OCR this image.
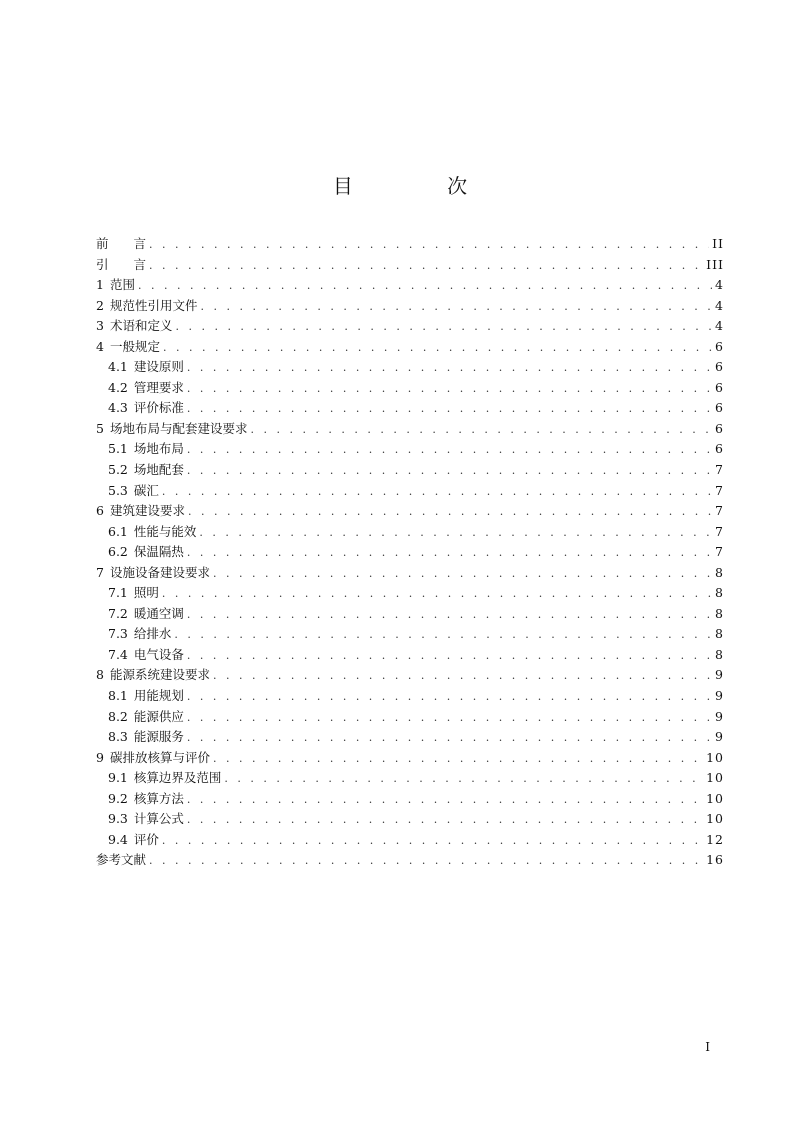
目 次
前　　言 . . .	II
引　　言 . . .	III
1 范围 . . .	4
2 规范性引用文件 . . .	4
3 术语和定义 . . .	4
4 一般规定 . . .	6
4.1 建设原则 . . .	6
4.2 管理要求 . . .	6
4.3 评价标准 . . .	6
5 场地布局与配套建设要求 . . .	6
5.1 场地布局 . . .	6
5.2 场地配套 . . .	7
5.3 碳汇 . . .	7
6 建筑建设要求 . . .	7
6.1 性能与能效 . . .	7
6.2 保温隔热 . . .	7
7 设施设备建设要求 . . .	8
7.1 照明 . . .	8
7.2 暖通空调 . . .	8
7.3 给排水 . . .	8
7.4 电气设备 . . .	8
8 能源系统建设要求 . . .	9
8.1 用能规划 . . .	9
8.2 能源供应 . . .	9
8.3 能源服务 . . .	9
9 碳排放核算与评价 . . .	10
9.1 核算边界及范围 . . .	10
9.2 核算方法 . . .	10
9.3 计算公式 . . .	10
9.4 评价 . . .	12
参考文献 . . .	16
I
